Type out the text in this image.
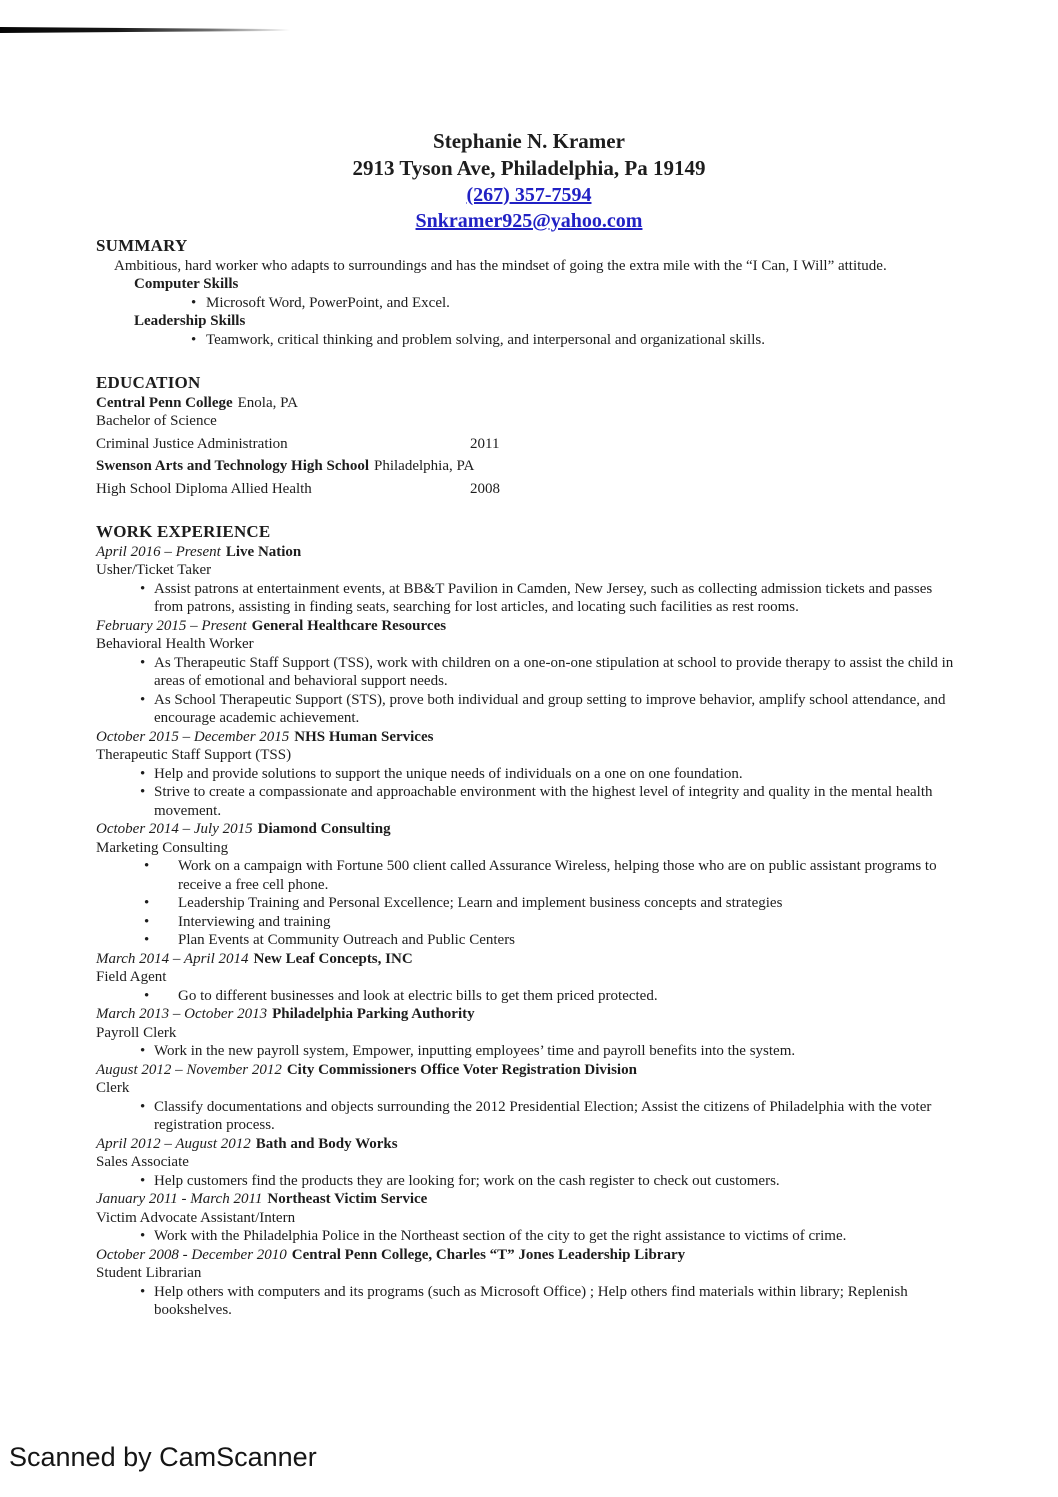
Stephanie N. Kramer
2913 Tyson Ave, Philadelphia, Pa 19149
(267) 357-7594
Snkramer925@yahoo.com
SUMMARY

Ambitious, hard worker who adapts to surroundings and has the mindset of going the extra mile with the “I Can, I Will” attitude.

Computer Skills
• Microsoft Word, PowerPoint, and Excel.
Leadership Skills
• Teamwork, critical thinking and problem solving, and interpersonal and organizational skills.
EDUCATION
Central Penn College Enola, PA
Bachelor of Science
Criminal Justice Administration	2011
Swenson Arts and Technology High School Philadelphia, PA
High School Diploma Allied Health	2008
WORK EXPERIENCE
April 2016 – Present Live Nation
Usher/Ticket Taker
• Assist patrons at entertainment events, at BB&T Pavilion in Camden, New Jersey, such as collecting admission tickets and passes from patrons, assisting in finding seats, searching for lost articles, and locating such facilities as rest rooms.
February 2015 – Present General Healthcare Resources
Behavioral Health Worker
• As Therapeutic Staff Support (TSS), work with children on a one-on-one stipulation at school to provide therapy to assist the child in areas of emotional and behavioral support needs.
• As School Therapeutic Support (STS), prove both individual and group setting to improve behavior, amplify school attendance, and encourage academic achievement.
October 2015 – December 2015 NHS Human Services
Therapeutic Staff Support (TSS)
• Help and provide solutions to support the unique needs of individuals on a one on one foundation.
• Strive to create a compassionate and approachable environment with the highest level of integrity and quality in the mental health movement.
October 2014 – July 2015 Diamond Consulting
Marketing Consulting
• Work on a campaign with Fortune 500 client called Assurance Wireless, helping those who are on public assistant programs to receive a free cell phone.
• Leadership Training and Personal Excellence; Learn and implement business concepts and strategies
• Interviewing and training
• Plan Events at Community Outreach and Public Centers
March 2014 – April 2014 New Leaf Concepts, INC
Field Agent
• Go to different businesses and look at electric bills to get them priced protected.
March 2013 – October 2013 Philadelphia Parking Authority
Payroll Clerk
• Work in the new payroll system, Empower, inputting employees’ time and payroll benefits into the system.
August 2012 – November 2012 City Commissioners Office Voter Registration Division
Clerk
• Classify documentations and objects surrounding the 2012 Presidential Election; Assist the citizens of Philadelphia with the voter registration process.
April 2012 – August 2012 Bath and Body Works
Sales Associate
• Help customers find the products they are looking for; work on the cash register to check out customers.
January 2011 - March 2011 Northeast Victim Service
Victim Advocate Assistant/Intern
• Work with the Philadelphia Police in the Northeast section of the city to get the right assistance to victims of crime.
October 2008 - December 2010 Central Penn College, Charles “T” Jones Leadership Library
Student Librarian
• Help others with computers and its programs (such as Microsoft Office) ; Help others find materials within library; Replenish bookshelves.
Scanned by CamScanner
